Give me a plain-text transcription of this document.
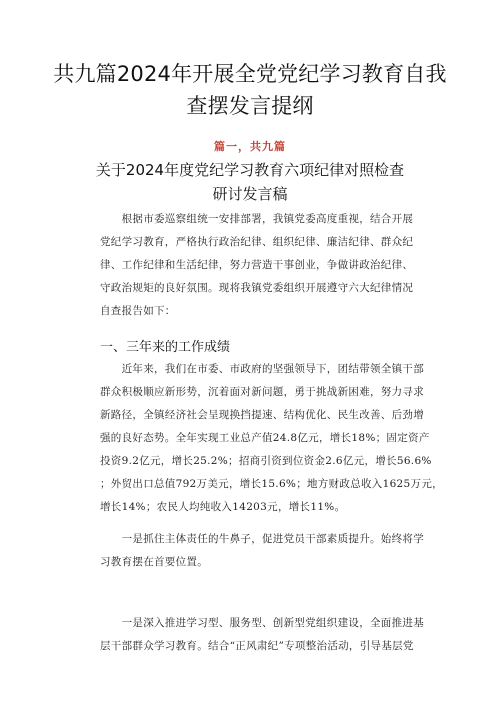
共九篇2024年开展全党党纪学习教育自我
查摆发言提纲
篇一，共九篇
关于2024年度党纪学习教育六项纪律对照检查
研讨发言稿
　　根据市委巡察组统一安排部署，我镇党委高度重视，结合开展
党纪学习教育，严格执行政治纪律、组织纪律、廉洁纪律、群众纪
律、工作纪律和生活纪律，努力营造干事创业，争做讲政治纪律、
守政治规矩的良好氛围。现将我镇党委组织开展遵守六大纪律情况
自查报告如下：
一、三年来的工作成绩
　　近年来，我们在市委、市政府的坚强领导下，团结带领全镇干部
群众积极顺应新形势，沉着面对新问题，勇于挑战新困难，努力寻求
新路径，全镇经济社会呈现换挡提速、结构优化、民生改善、后劲增
强的良好态势。全年实现工业总产值24.8亿元，增长18%；固定资产
投资9.2亿元，增长25.2%；招商引资到位资金2.6亿元，增长56.6%
；外贸出口总值792万美元，增长15.6%；地方财政总收入1625万元，
增长14%；农民人均纯收入14203元，增长11%。
　　一是抓住主体责任的牛鼻子，促进党员干部素质提升。始终将学
习教育摆在首要位置。
　　一是深入推进学习型、服务型、创新型党组织建设，全面推进基
层干部群众学习教育。结合“正风肃纪”专项整治活动，引导基层党
